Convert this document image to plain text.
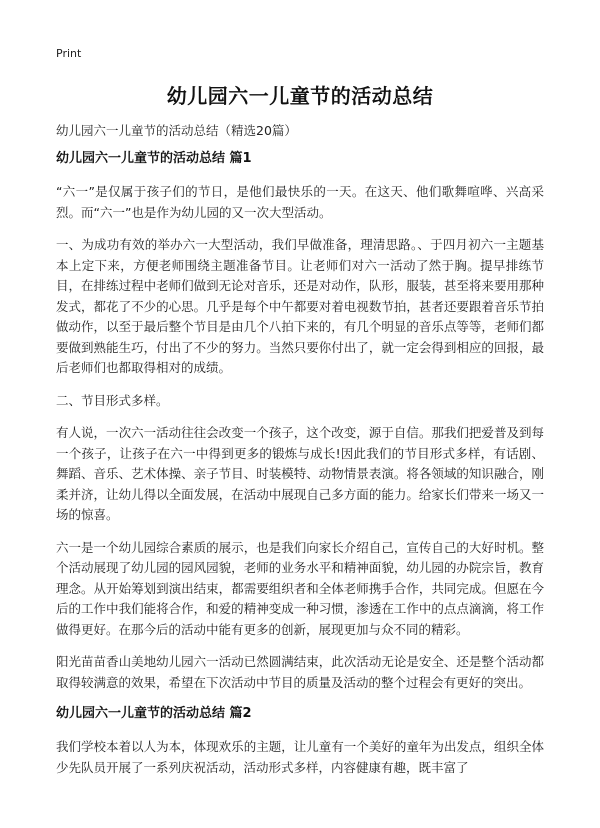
Print
幼儿园六一儿童节的活动总结

幼儿园六一儿童节的活动总结（精选20篇）

幼儿园六一儿童节的活动总结 篇1

“六一”是仅属于孩子们的节日，是他们最快乐的一天。在这天、他们歌舞喧哗、兴高采烈。而“六一”也是作为幼儿园的又一次大型活动。

一、为成功有效的举办六一大型活动，我们早做准备，理清思路。、于四月初六一主题基本上定下来，方便老师围绕主题准备节目。让老师们对六一活动了然于胸。提早排练节目，在排练过程中老师们做到无论对音乐，还是对动作，队形，服装，甚至将来要用那种发式，都花了不少的心思。几乎是每个中午都要对着电视数节拍，甚者还要跟着音乐节拍做动作，以至于最后整个节目是由几个八拍下来的，有几个明显的音乐点等等，老师们都要做到熟能生巧，付出了不少的努力。当然只要你付出了，就一定会得到相应的回报，最后老师们也都取得相对的成绩。

二、节目形式多样。

有人说，一次六一活动往往会改变一个孩子，这个改变，源于自信。那我们把爱普及到每一个孩子，让孩子在六一中得到更多的锻炼与成长!因此我们的节目形式多样，有话剧、舞蹈、音乐、艺术体操、亲子节目、时装模特、动物情景表演。将各领域的知识融合，刚柔并济，让幼儿得以全面发展，在活动中展现自己多方面的能力。给家长们带来一场又一场的惊喜。

六一是一个幼儿园综合素质的展示，也是我们向家长介绍自己，宣传自己的大好时机。整个活动展现了幼儿园的园风园貌，老师的业务水平和精神面貌，幼儿园的办院宗旨，教育理念。从开始筹划到演出结束，都需要组织者和全体老师携手合作，共同完成。但愿在今后的工作中我们能将合作，和爱的精神变成一种习惯，渗透在工作中的点点滴滴，将工作做得更好。在那今后的活动中能有更多的创新，展现更加与众不同的精彩。

阳光苗苗香山美地幼儿园六一活动已然圆满结束，此次活动无论是安全、还是整个活动都取得较满意的效果，希望在下次活动中节目的质量及活动的整个过程会有更好的突出。

幼儿园六一儿童节的活动总结 篇2

我们学校本着以人为本，体现欢乐的主题，让儿童有一个美好的童年为出发点，组织全体少先队员开展了一系列庆祝活动，活动形式多样，内容健康有趣，既丰富了
